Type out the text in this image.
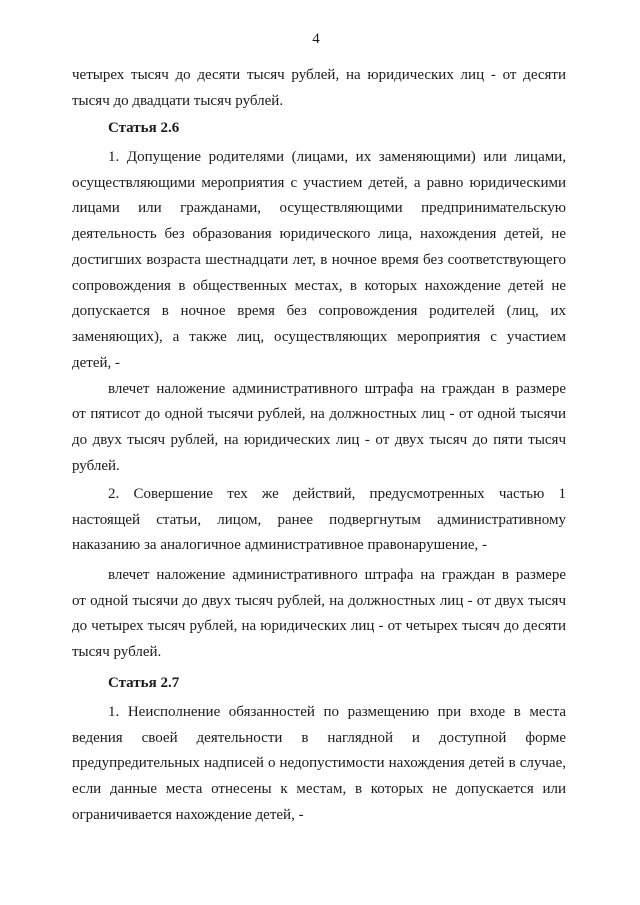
4
четырех тысяч до десяти тысяч рублей, на юридических лиц - от десяти
тысяч до двадцати тысяч рублей.
Статья 2.6
1. Допущение родителями (лицами, их заменяющими) или лицами,
осуществляющими мероприятия с участием детей, а равно юридическими
лицами или гражданами, осуществляющими предпринимательскую
деятельность без образования юридического лица, нахождения детей, не
достигших возраста шестнадцати лет, в ночное время без соответствующего
сопровождения в общественных местах, в которых нахождение детей не
допускается в ночное время без сопровождения родителей (лиц, их
заменяющих), а также лиц, осуществляющих мероприятия с участием
детей, -
влечет наложение административного штрафа на граждан в размере
от пятисот до одной тысячи рублей, на должностных лиц - от одной тысячи
до двух тысяч рублей, на юридических лиц - от двух тысяч до пяти тысяч
рублей.
2. Совершение тех же действий, предусмотренных частью 1
настоящей статьи, лицом, ранее подвергнутым административному
наказанию за аналогичное административное правонарушение, -
влечет наложение административного штрафа на граждан в размере
от одной тысячи до двух тысяч рублей, на должностных лиц - от двух тысяч
до четырех тысяч рублей, на юридических лиц - от четырех тысяч до десяти
тысяч рублей.
Статья 2.7
1. Неисполнение обязанностей по размещению при входе в места
ведения своей деятельности в наглядной и доступной форме
предупредительных надписей о недопустимости нахождения детей в случае,
если данные места отнесены к местам, в которых не допускается или
ограничивается нахождение детей, -
